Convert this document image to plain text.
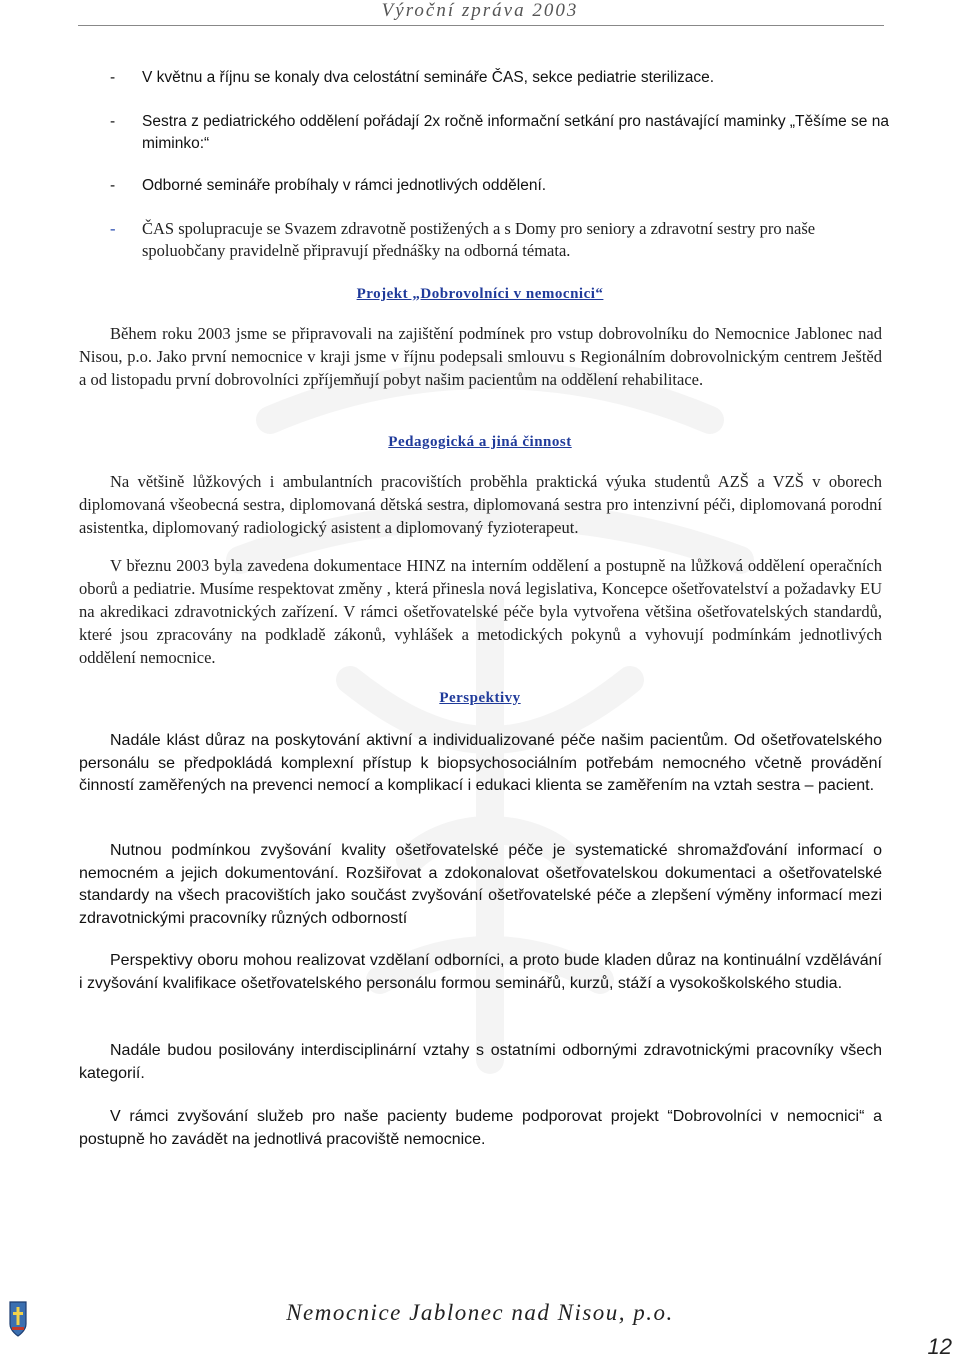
Výroční zpráva 2003
- V květnu a říjnu se konaly dva celostátní semináře ČAS, sekce pediatrie sterilizace.
- Sestra z pediatrického oddělení pořádají 2x ročně informační setkání pro nastávající maminky „Těšíme se na miminko:“
- Odborné semináře probíhaly v rámci jednotlivých oddělení.
- ČAS spolupracuje se Svazem zdravotně postižených a s Domy pro seniory a zdravotní sestry pro naše spoluobčany pravidelně připravují přednášky na odborná témata.
Projekt „Dobrovolníci v nemocnici“
Během roku 2003 jsme se připravovali na zajištění podmínek pro vstup dobrovolníku do Nemocnice Jablonec nad Nisou, p.o. Jako první nemocnice v kraji jsme v říjnu podepsali smlouvu s Regionálním dobrovolnickým centrem Ještěd a od listopadu první dobrovolníci zpříjemňují pobyt našim pacientům na oddělení rehabilitace.
Pedagogická a jiná činnost
Na většině lůžkových i ambulantních pracovištích proběhla praktická výuka studentů AZŠ a VZŠ v oborech diplomovaná všeobecná sestra, diplomovaná dětská sestra, diplomovaná sestra pro intenzivní péči, diplomovaná porodní asistentka, diplomovaný radiologický asistent a diplomovaný fyzioterapeut.
V březnu 2003 byla zavedena dokumentace HINZ na interním oddělení a postupně na lůžková oddělení operačních oborů a pediatrie. Musíme respektovat změny , která přinesla nová legislativa, Koncepce ošetřovatelství a požadavky EU na akredikaci zdravotnických zařízení. V rámci ošetřovatelské péče byla vytvořena většina ošetřovatelských standardů, které jsou zpracovány na podkladě zákonů, vyhlášek a metodických pokynů a vyhovují podmínkám jednotlivých oddělení nemocnice.
Perspektivy
Nadále klást důraz na poskytování aktivní a individualizované péče našim pacientům. Od ošetřovatelského personálu se předpokládá komplexní přístup k biopsychosociálním potřebám nemocného včetně provádění činností zaměřených na prevenci nemocí a komplikací i edukaci klienta se zaměřením na vztah sestra – pacient.
Nutnou podmínkou zvyšování kvality ošetřovatelské péče je systematické shromažďování informací o nemocném a jejich dokumentování. Rozšiřovat a zdokonalovat ošetřovatelskou dokumentaci a ošetřovatelské standardy na všech pracovištích jako součást zvyšování ošetřovatelské péče a zlepšení výměny informací mezi zdravotnickými pracovníky různých odborností
Perspektivy oboru mohou realizovat vzdělaní odborníci, a proto bude kladen důraz na kontinuální vzdělávání i zvyšování kvalifikace ošetřovatelského personálu formou seminářů, kurzů, stáží a vysokoškolského studia.
Nadále budou posilovány interdisciplinární vztahy s ostatními odbornými zdravotnickými pracovníky všech kategorií.
V rámci zvyšování služeb pro naše pacienty budeme podporovat projekt “Dobrovolníci v nemocnici“ a postupně ho zavádět na jednotlivá pracoviště nemocnice.
Nemocnice Jablonec nad Nisou, p.o.
12
